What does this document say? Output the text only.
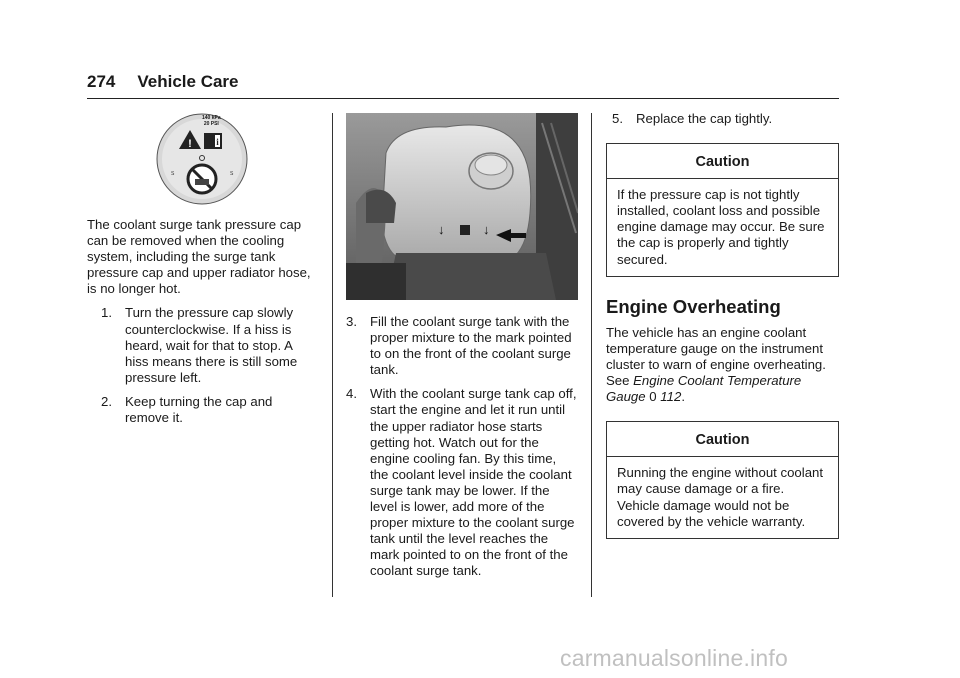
274 Vehicle Care
!	i
S	S
140 kPa
20 PSI

The coolant surge tank pressure cap can be removed when the cooling system, including the surge tank pressure cap and upper radiator hose, is no longer hot.

1. Turn the pressure cap slowly counterclockwise. If a hiss is heard, wait for that to stop. A hiss means there is still some pressure left.
2. Keep turning the cap and remove it.
↓	↓
3. Fill the coolant surge tank with the proper mixture to the mark pointed to on the front of the coolant surge tank.
4. With the coolant surge tank cap off, start the engine and let it run until the upper radiator hose starts getting hot. Watch out for the engine cooling fan. By this time, the coolant level inside the coolant surge tank may be lower. If the level is lower, add more of the proper mixture to the coolant surge tank until the level reaches the mark pointed to on the front of the coolant surge tank.
5. Replace the cap tightly.
Caution
If the pressure cap is not tightly installed, coolant loss and possible engine damage may occur. Be sure the cap is properly and tightly secured.
Engine Overheating

The vehicle has an engine coolant temperature gauge on the instrument cluster to warn of engine overheating. See Engine Coolant Temperature Gauge 0 112.

Caution
Running the engine without coolant may cause damage or a fire. Vehicle damage would not be covered by the vehicle warranty.
carmanualsonline.info
